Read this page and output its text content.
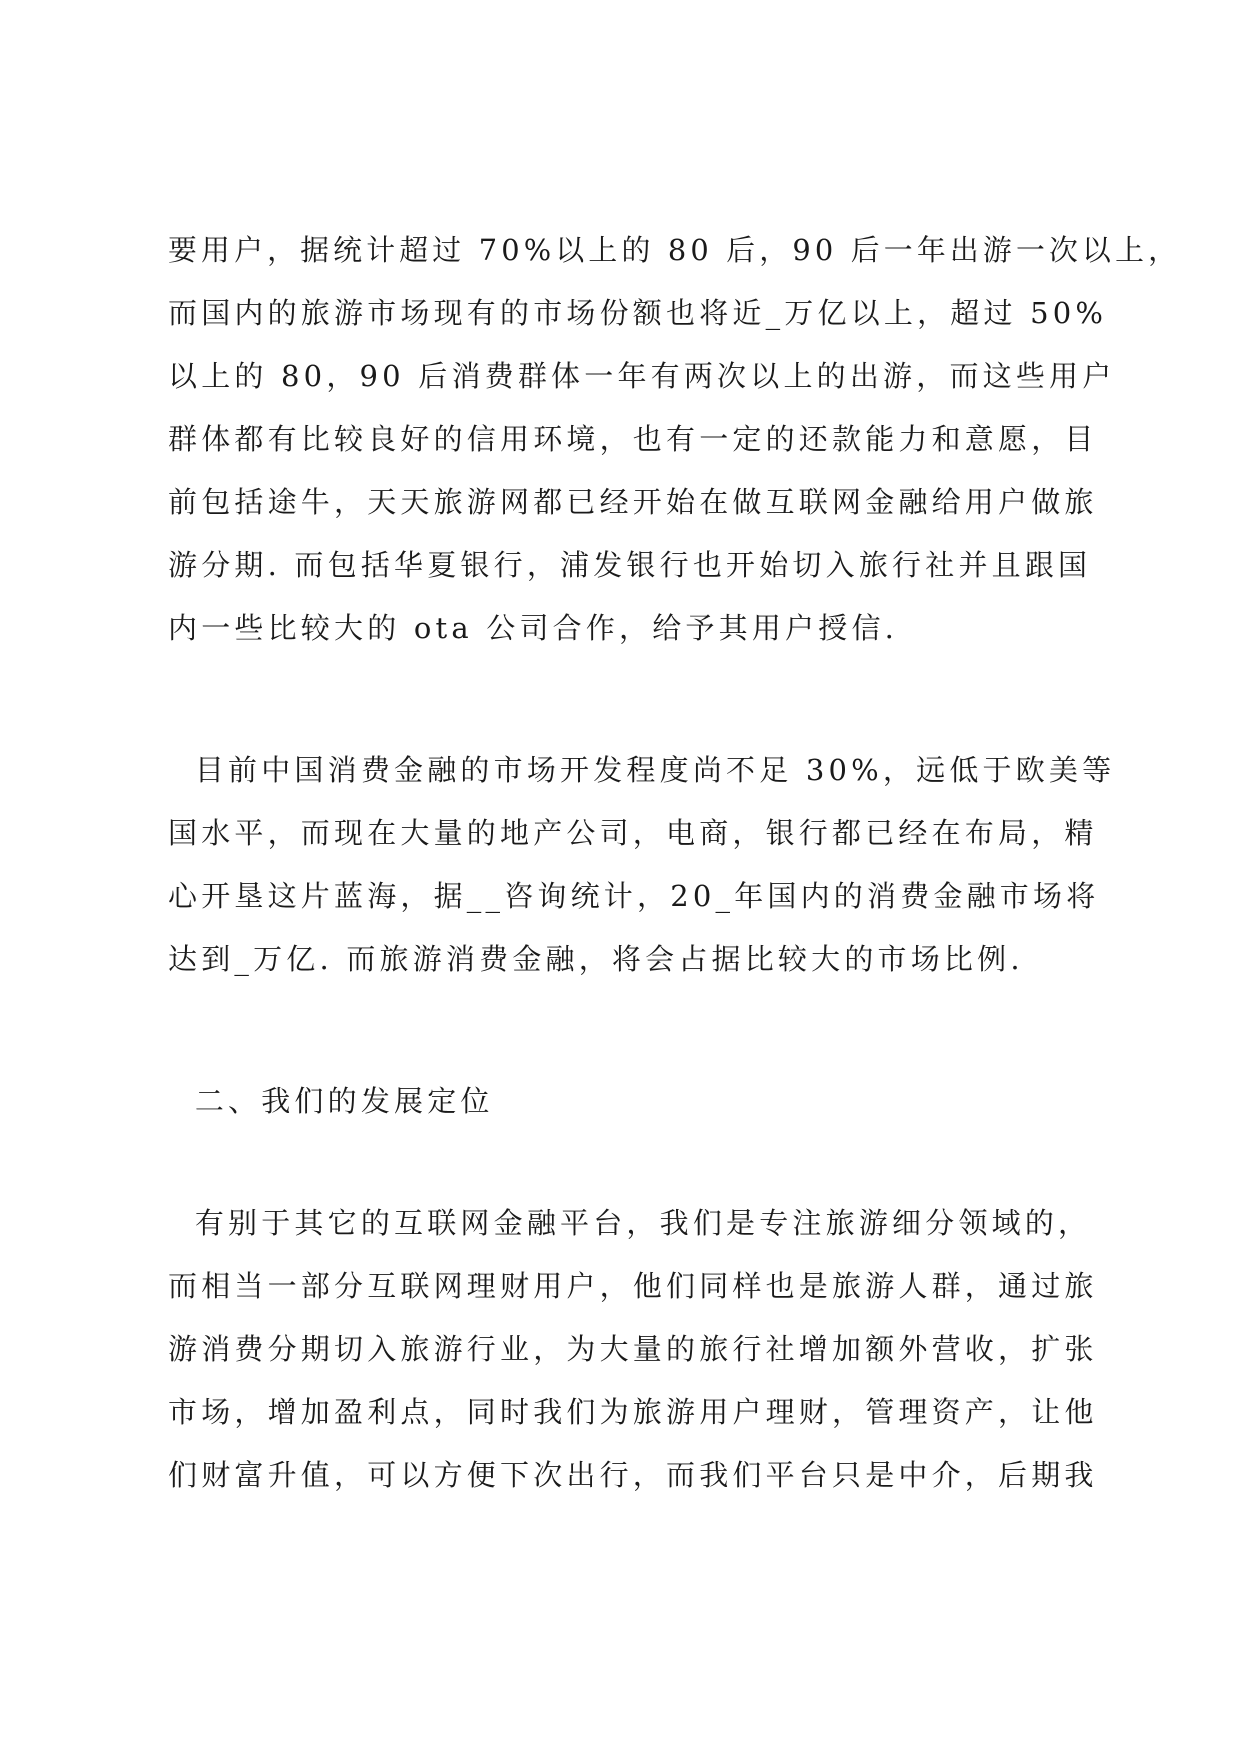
要用户，据统计超过 70%以上的 80 后，90 后一年出游一次以上，
而国内的旅游市场现有的市场份额也将近_万亿以上，超过 50%
以上的 80，90 后消费群体一年有两次以上的出游，而这些用户
群体都有比较良好的信用环境，也有一定的还款能力和意愿，目
前包括途牛，天天旅游网都已经开始在做互联网金融给用户做旅
游分期. 而包括华夏银行，浦发银行也开始切入旅行社并且跟国
内一些比较大的 ota 公司合作，给予其用户授信.
目前中国消费金融的市场开发程度尚不足 30%，远低于欧美等
国水平，而现在大量的地产公司，电商，银行都已经在布局，精
心开垦这片蓝海，据__咨询统计，20_年国内的消费金融市场将
达到_万亿. 而旅游消费金融，将会占据比较大的市场比例.
二、我们的发展定位
有别于其它的互联网金融平台，我们是专注旅游细分领域的，
而相当一部分互联网理财用户，他们同样也是旅游人群，通过旅
游消费分期切入旅游行业，为大量的旅行社增加额外营收，扩张
市场，增加盈利点，同时我们为旅游用户理财，管理资产，让他
们财富升值，可以方便下次出行，而我们平台只是中介，后期我
